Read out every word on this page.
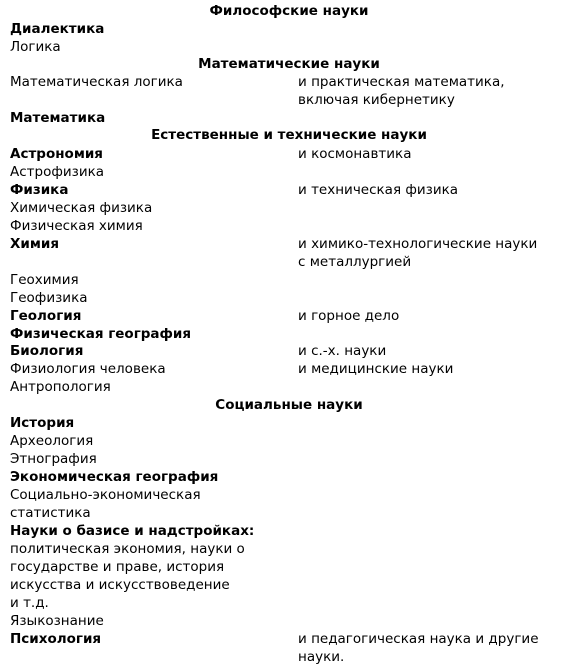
Философские науки
Диалектика
Логика
Математические науки
Математическая логика	и практическая математика,
включая кибернетику
Математика
Естественные и технические науки
Астрономия	и космонавтика
Астрофизика
Физика	и техническая физика
Химическая физика
Физическая химия
Химия	и химико-технологические науки
с металлургией
Геохимия
Геофизика
Геология	и горное дело
Физическая география
Биология	и с.-х. науки
Физиология человека	и медицинские науки
Антропология
Социальные науки
История
Археология
Этнография
Экономическая география
Социально-экономическая
статистика
Науки о базисе и надстройках:
политическая экономия, науки о
государстве и праве, история
искусства и искусствоведение
и т.д.
Языкознание
Психология	и педагогическая наука и другие
науки.
